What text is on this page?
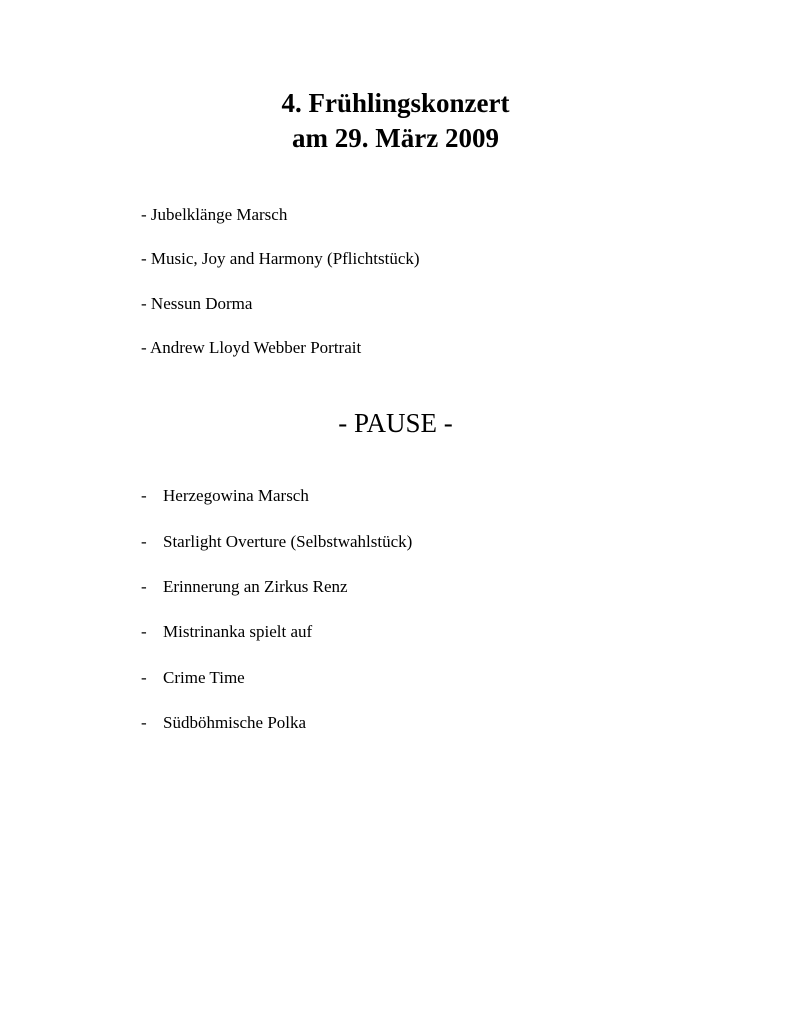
4. Frühlingskonzert
am 29. März 2009
- Jubelklänge Marsch
- Music, Joy and Harmony (Pflichtstück)
- Nessun Dorma
- Andrew Lloyd Webber Portrait
- PAUSE -
- Herzegowina Marsch
- Starlight Overture (Selbstwahlstück)
- Erinnerung an Zirkus Renz
- Mistrinanka spielt auf
- Crime Time
- Südböhmische Polka
